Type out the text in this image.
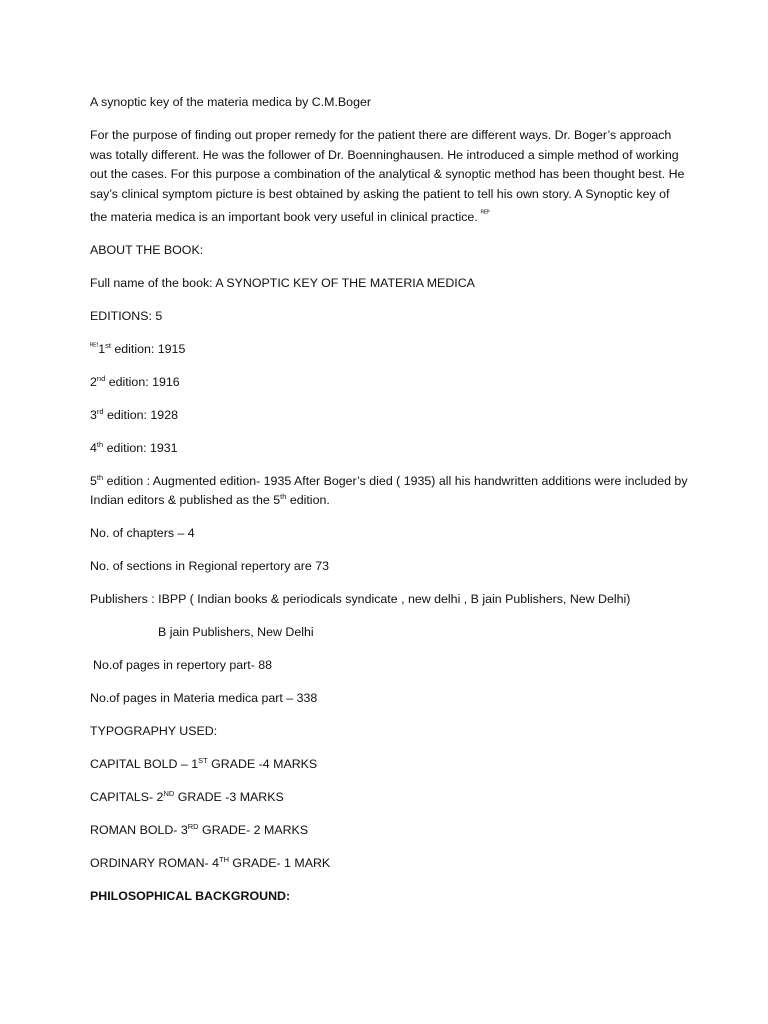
A synoptic key of the materia medica by C.M.Boger

For the purpose of finding out proper remedy for the patient there are different ways. Dr. Boger’s approach was totally different. He was the follower of Dr. Boenninghausen. He introduced a simple method of working out the cases. For this purpose a combination of the analytical & synoptic method has been thought best. He say’s clinical symptom picture is best obtained by asking the patient to tell his own story. A Synoptic key of the materia medica is an important book very useful in clinical practice. $^{ᴿᴱᴾ}$

ABOUT THE BOOK:

Full name of the book: A SYNOPTIC KEY OF THE MATERIA MEDICA

EDITIONS: 5

$^{ᴿᴱᶠ}$1st edition: 1915

2nd edition: 1916

3rd edition: 1928

4th edition: 1931

5th edition : Augmented edition- 1935 After Boger’s died ( 1935) all his handwritten additions were included by Indian editors & published as the 5th edition.

No. of chapters – 4

No. of sections in Regional repertory are 73

Publishers : IBPP ( Indian books & periodicals syndicate , new delhi , B jain Publishers, New Delhi)

B jain Publishers, New Delhi

No.of pages in repertory part- 88

No.of pages in Materia medica part – 338

TYPOGRAPHY USED:

CAPITAL BOLD – 1ST GRADE -4 MARKS

CAPITALS- 2ND GRADE -3 MARKS

ROMAN BOLD- 3RD GRADE- 2 MARKS

ORDINARY ROMAN- 4TH GRADE- 1 MARK

PHILOSOPHICAL BACKGROUND:
